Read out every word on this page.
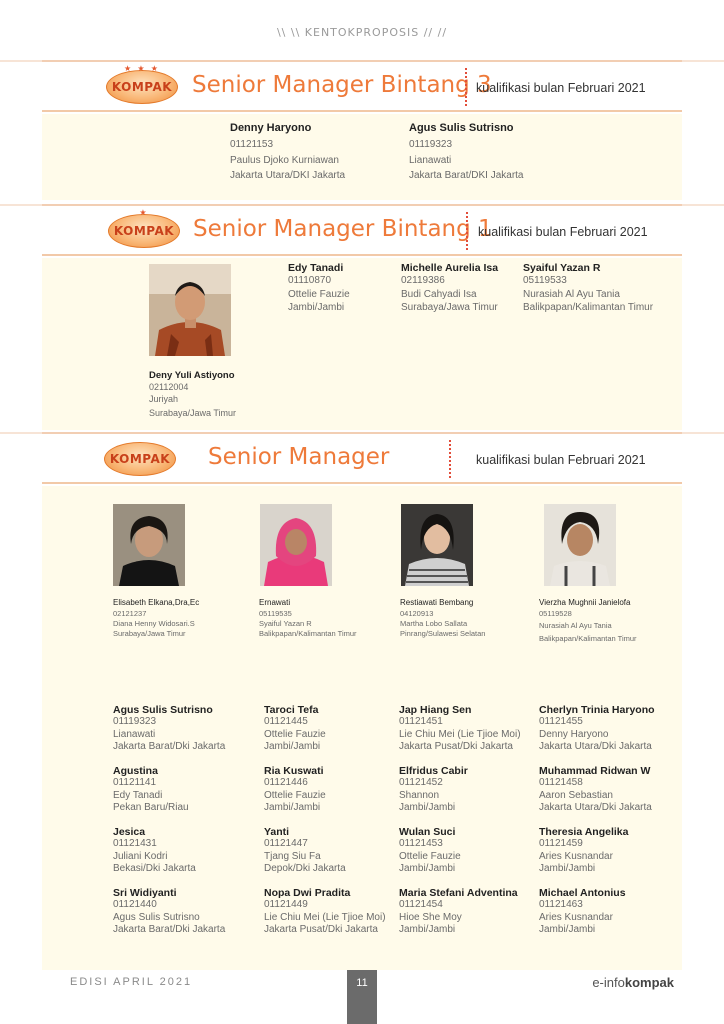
\\ \\ KENTOKPROPOSIS // //
★ ★ ★
KOMPAK Senior Manager Bintang 3
kualifikasi bulan Februari 2021
Denny Haryono
01121153
Paulus Djoko Kurniawan
Jakarta Utara/DKI Jakarta
Agus Sulis Sutrisno
01119323
Lianawati
Jakarta Barat/DKI Jakarta
★
KOMPAK Senior Manager Bintang 1
kualifikasi bulan Februari 2021
Deny Yuli Astiyono
02112004
Juriyah
Surabaya/Jawa Timur
Edy Tanadi
01110870
Ottelie Fauzie
Jambi/Jambi
Michelle Aurelia Isa
02119386
Budi Cahyadi Isa
Surabaya/Jawa Timur
Syaiful Yazan R
05119533
Nurasiah Al Ayu Tania
Balikpapan/Kalimantan Timur
KOMPAK Senior Manager	kualifikasi bulan Februari 2021
Elisabeth Elkana,Dra,Ec
02121237
Diana Henny Widosari.S
Surabaya/Jawa Timur
Ernawati
05119535
Syaiful Yazan R
Balikpapan/Kalimantan Timur
Restiawati Bembang
04120913
Martha Lobo Sallata
Pinrang/Sulawesi Selatan
Vierzha Mughnii Janielofa
05119528
Nurasiah Al Ayu Tania
Balikpapan/Kalimantan Timur
Agus Sulis Sutrisno
01119323
Lianawati
Jakarta Barat/Dki Jakarta
Taroci Tefa
01121445
Ottelie Fauzie
Jambi/Jambi
Jap Hiang Sen
01121451
Lie Chiu Mei (Lie Tjioe Moi)
Jakarta Pusat/Dki Jakarta
Cherlyn Trinia Haryono
01121455
Denny Haryono
Jakarta Utara/Dki Jakarta
Agustina
01121141
Edy Tanadi
Pekan Baru/Riau
Ria Kuswati
01121446
Ottelie Fauzie
Jambi/Jambi
Elfridus Cabir
01121452
Shannon
Jambi/Jambi
Muhammad Ridwan W
01121458
Aaron Sebastian
Jakarta Utara/Dki Jakarta
Jesica
01121431
Juliani Kodri
Bekasi/Dki Jakarta
Yanti
01121447
Tjang Siu Fa
Depok/Dki Jakarta
Wulan Suci
01121453
Ottelie Fauzie
Jambi/Jambi
Theresia Angelika
01121459
Aries Kusnandar
Jambi/Jambi
Sri Widiyanti
01121440
Agus Sulis Sutrisno
Jakarta Barat/Dki Jakarta
Nopa Dwi Pradita
01121449
Lie Chiu Mei (Lie Tjioe Moi)
Jakarta Pusat/Dki Jakarta
Maria Stefani Adventina
01121454
Hioe She Moy
Jambi/Jambi
Michael Antonius
01121463
Aries Kusnandar
Jambi/Jambi
EDISI APRIL 2021	11	e-infokompak
